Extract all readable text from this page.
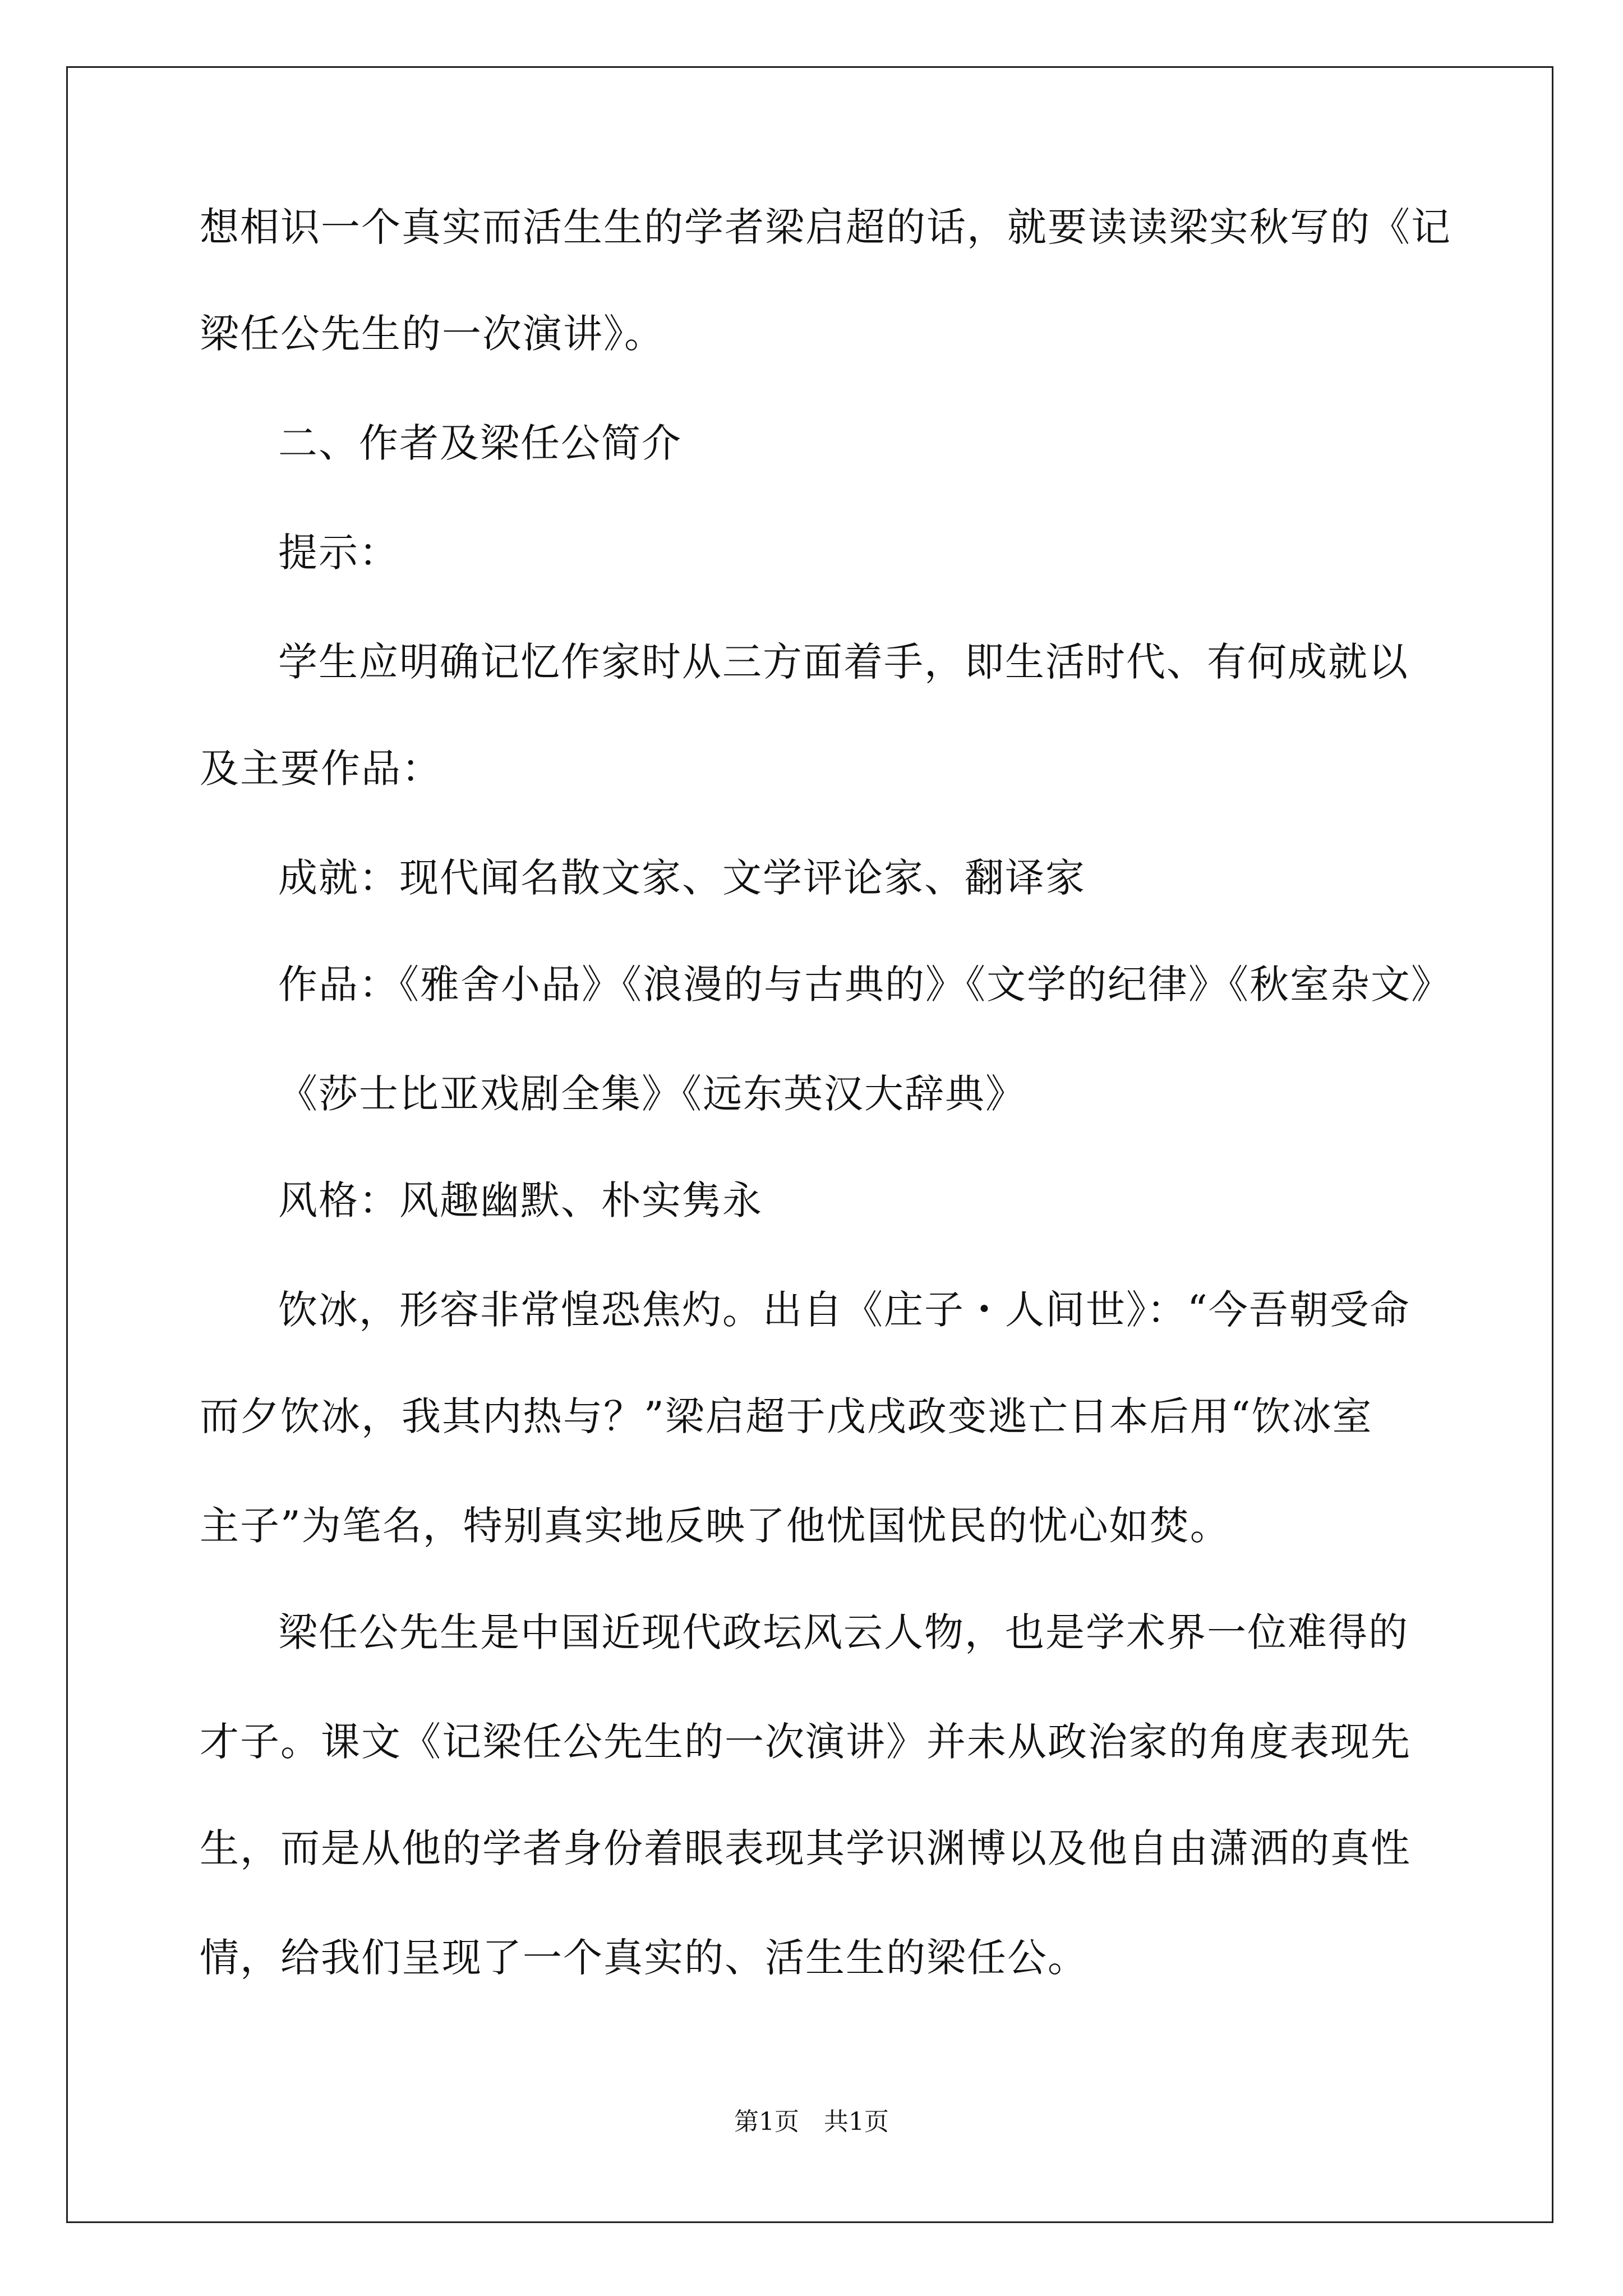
想相识一个真实而活生生的学者梁启超的话，就要读读梁实秋写的《记
梁任公先生的一次演讲》。
二、作者及梁任公简介
提示：
学生应明确记忆作家时从三方面着手，即生活时代、有何成就以
及主要作品：
成就：现代闻名散文家、文学评论家、翻译家
作品：《雅舍小品》《浪漫的与古典的》《文学的纪律》《秋室杂文》
《莎士比亚戏剧全集》《远东英汉大辞典》
风格：风趣幽默、朴实隽永
饮冰，形容非常惶恐焦灼。出自《庄子・人间世》：“今吾朝受命
而夕饮冰，我其内热与？”梁启超于戊戌政变逃亡日本后用“饮冰室
主子”为笔名，特别真实地反映了他忧国忧民的忧心如焚。
梁任公先生是中国近现代政坛风云人物，也是学术界一位难得的
才子。课文《记梁任公先生的一次演讲》并未从政治家的角度表现先
生，而是从他的学者身份着眼表现其学识渊博以及他自由潇洒的真性
情，给我们呈现了一个真实的、活生生的梁任公。
第1页　共1页
